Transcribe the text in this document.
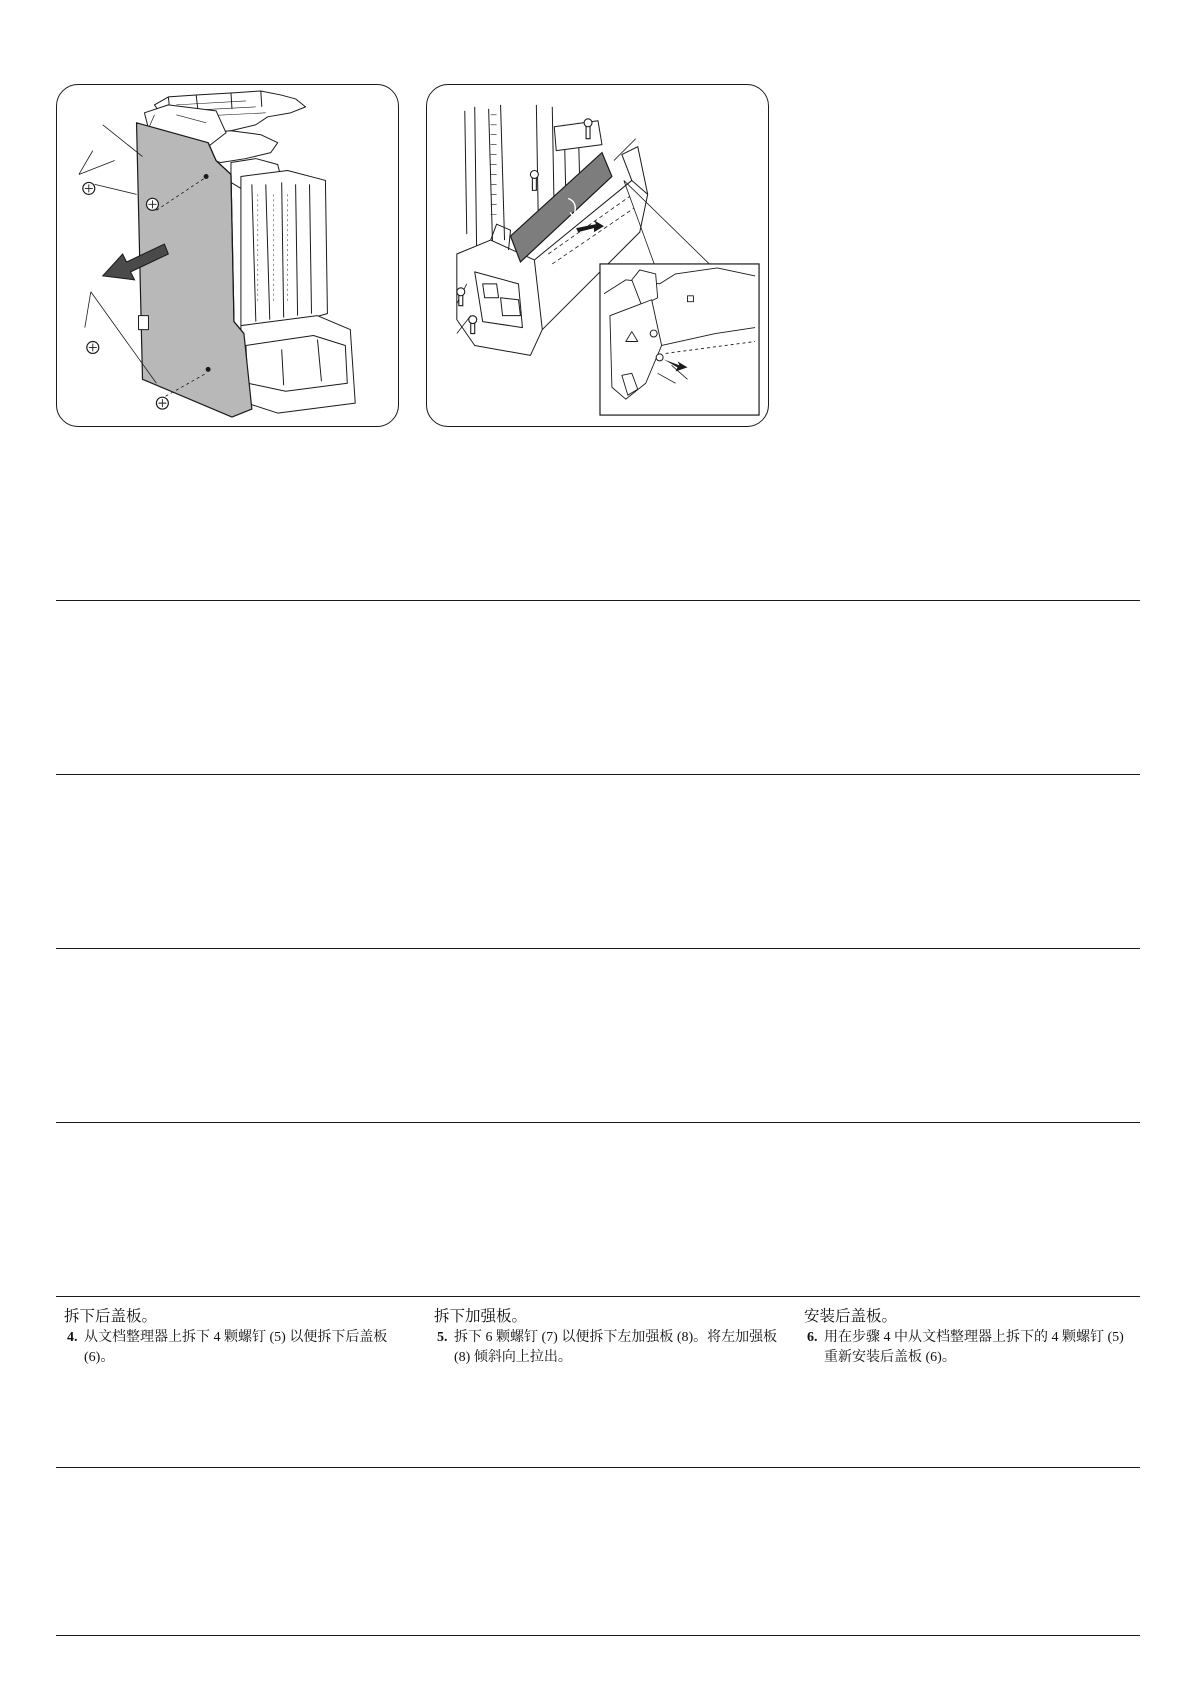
拆下后盖板。

4. 从文档整理器上拆下 4 颗螺钉 (5) 以便拆下后盖板 (6)。

拆下加强板。

5. 拆下 6 颗螺钉 (7) 以便拆下左加强板 (8)。将左加强板 (8) 倾斜向上拉出。

安装后盖板。

6. 用在步骤 4 中从文档整理器上拆下的 4 颗螺钉 (5) 重新安装后盖板 (6)。
